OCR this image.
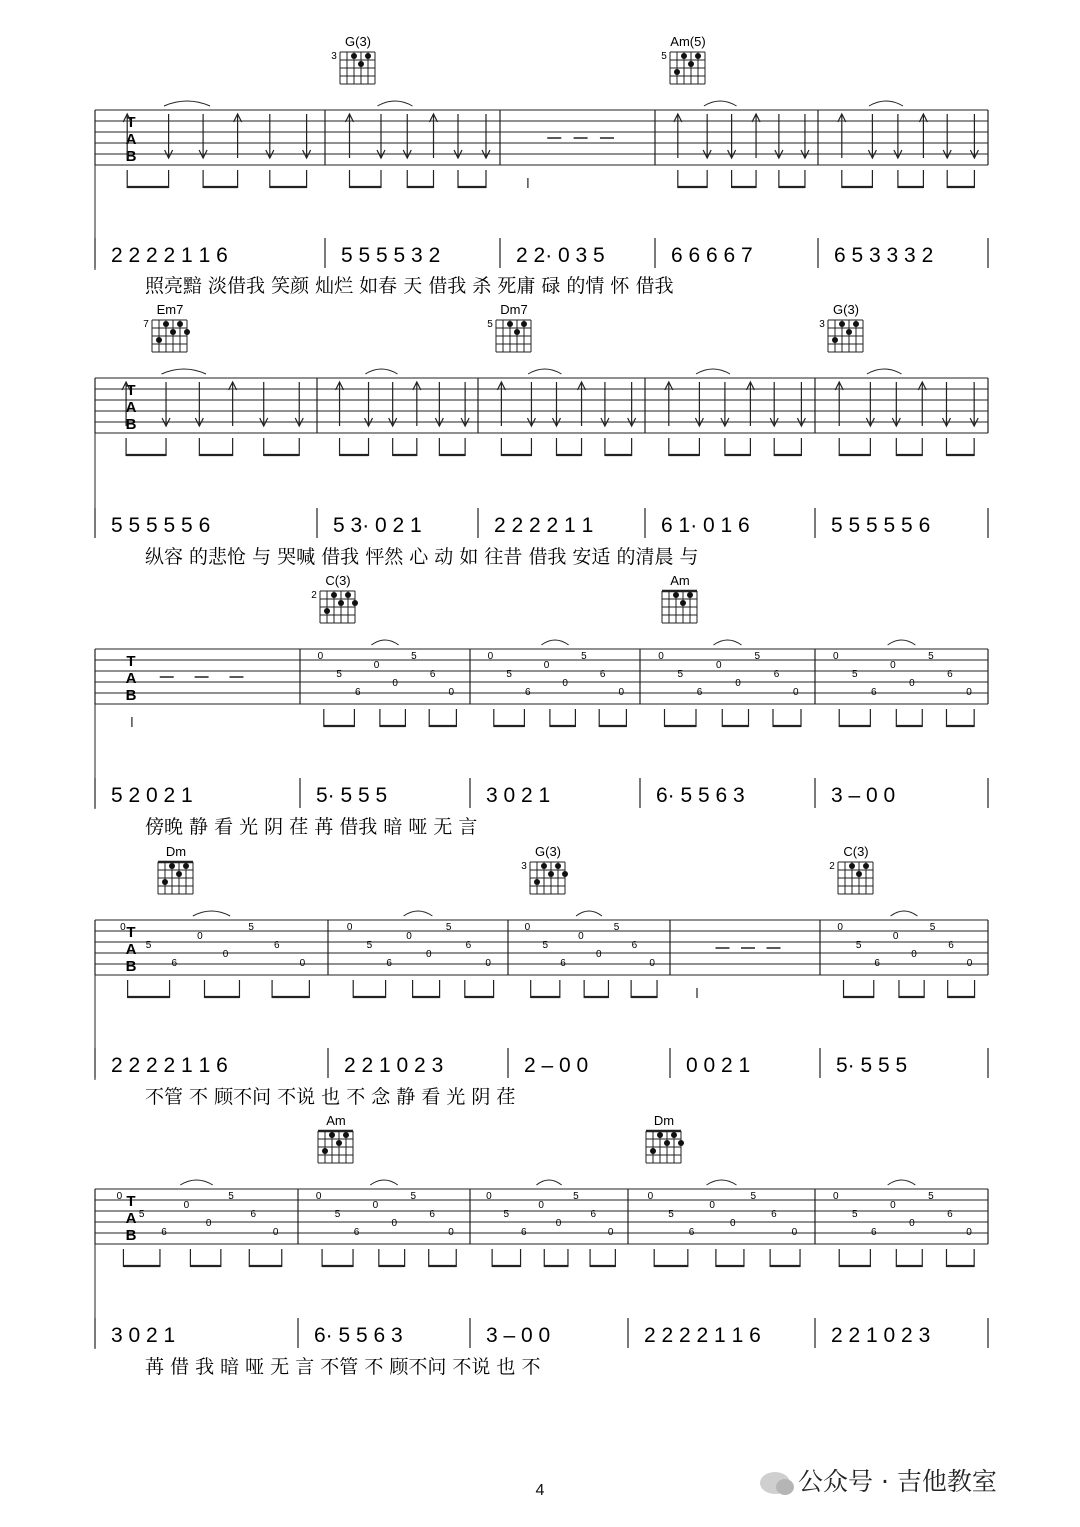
T
A
B
2 2 2 2 1 1 6	5 5 5 5 3 2	2 2· 0 3 5	6 6 6 6 7	6 5 3 3 3 2
照亮黯 淡借我 笑颜 灿烂 如春 天 借我 杀 死庸 碌 的情 怀 借我
T
A
B
5 5 5 5 5 6	5 3· 0 2 1	2 2 2 2 1 1	6 1· 0 1 6	5 5 5 5 5 6
纵容 的悲怆 与 哭喊 借我 怦然 心 动 如 往昔 借我 安适 的清晨 与
T
A
B
0
5
6
0
0
5
6
0
0
5
6
0
0
5
6
0
0
5
6
0
0
5
6
0
0
5
6
0
0
5
6
0
5 2 0 2 1	5· 5 5 5	3 0 2 1	6· 5 5 6 3	3 – 0 0
傍晚 静 看 光 阴 荏 苒 借我 暗 哑 无 言
T
A
B
0
5
6
0
0
5
6
0
0
5
6
0
0
5
6
0
0
5
6
0
0
5
6
0
0
5
6
0
0
5
6
0
2 2 2 2 1 1 6	2 2 1 0 2 3	2 – 0 0	0 0 2 1	5· 5 5 5
不管 不 顾不问 不说 也 不 念 静 看 光 阴 荏
T
A
B
0
5
6
0
0
5
6
0
0
5
6
0
0
5
6
0
0
5
6
0
0
5
6
0
0
5
6
0
0
5
6
0
0
5
6
0
0
5
6
0
3 0 2 1	6· 5 5 6 3	3 – 0 0	2 2 2 2 1 1 6	2 2 1 0 2 3
苒 借 我 暗 哑 无 言 不管 不 顾不问 不说 也 不
G(3)
3
Am(5)
5
Em7
7
Dm7
5
G(3)
3
C(3)
2
Am
Dm	G(3)
3
C(3)
2
Am	Dm
4	公众号 · 吉他教室
